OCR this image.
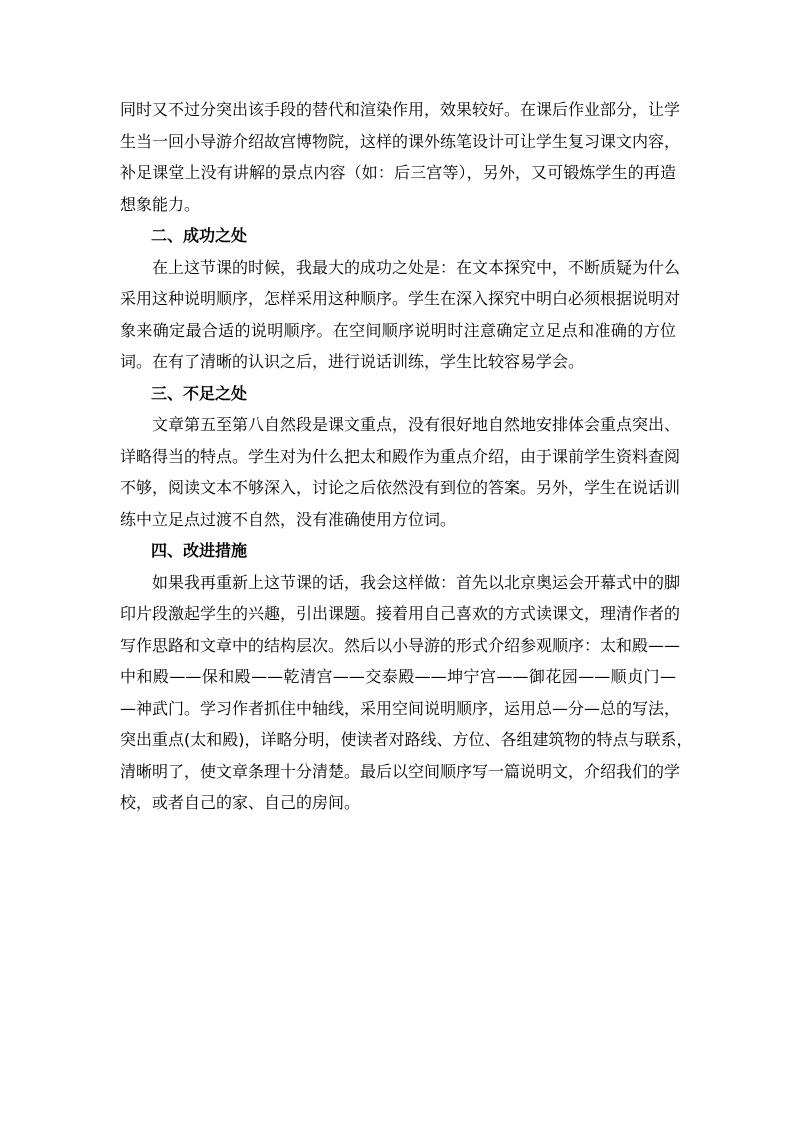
同时又不过分突出该手段的替代和渲染作用，效果较好。在课后作业部分，让学
生当一回小导游介绍故宫博物院，这样的课外练笔设计可让学生复习课文内容，
补足课堂上没有讲解的景点内容（如：后三宫等），另外，又可锻炼学生的再造
想象能力。
二、成功之处
在上这节课的时候，我最大的成功之处是：在文本探究中，不断质疑为什么
采用这种说明顺序，怎样采用这种顺序。学生在深入探究中明白必须根据说明对
象来确定最合适的说明顺序。在空间顺序说明时注意确定立足点和准确的方位
词。在有了清晰的认识之后，进行说话训练，学生比较容易学会。
三、不足之处
文章第五至第八自然段是课文重点，没有很好地自然地安排体会重点突出、
详略得当的特点。学生对为什么把太和殿作为重点介绍，由于课前学生资料查阅
不够，阅读文本不够深入，讨论之后依然没有到位的答案。另外，学生在说话训
练中立足点过渡不自然，没有准确使用方位词。
四、改进措施
如果我再重新上这节课的话，我会这样做：首先以北京奥运会开幕式中的脚
印片段激起学生的兴趣，引出课题。接着用自己喜欢的方式读课文，理清作者的
写作思路和文章中的结构层次。然后以小导游的形式介绍参观顺序：太和殿——
中和殿——保和殿——乾清宫——交泰殿——坤宁宫——御花园——顺贞门—
—神武门。学习作者抓住中轴线，采用空间说明顺序，运用总—分—总的写法，
突出重点(太和殿)，详略分明，使读者对路线、方位、各组建筑物的特点与联系，
清晰明了，使文章条理十分清楚。最后以空间顺序写一篇说明文，介绍我们的学
校，或者自己的家、自己的房间。
